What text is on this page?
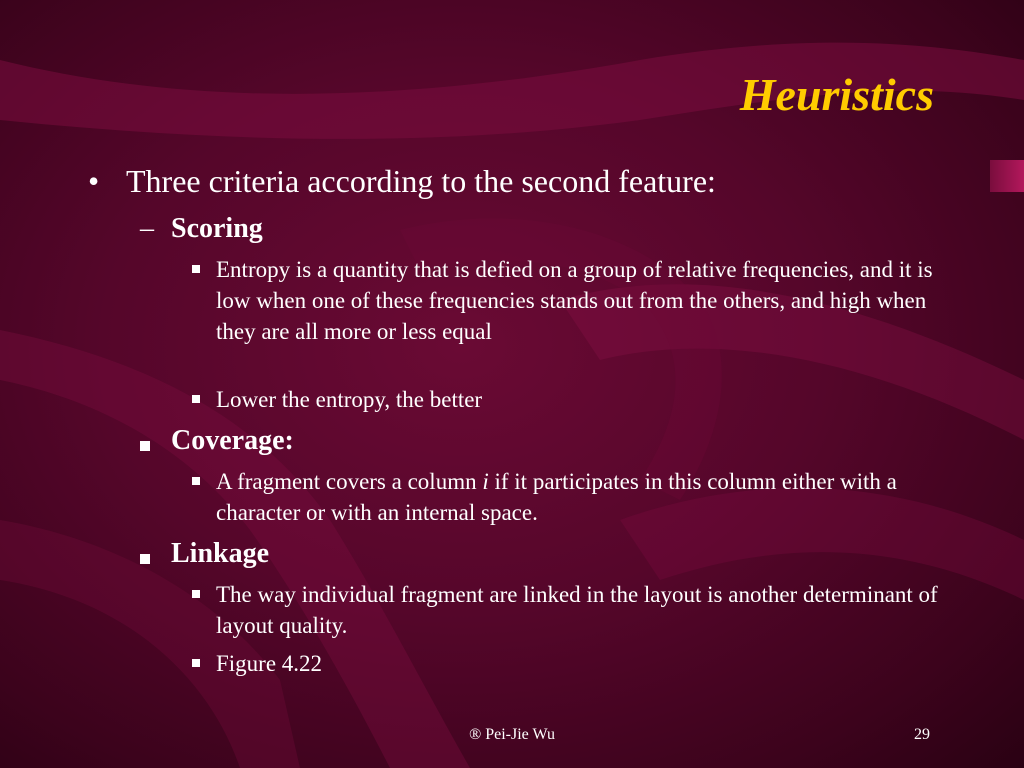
Heuristics
• Three criteria according to the second feature:
– Scoring
Entropy is a quantity that is defied on a group of relative frequencies, and it is low when one of these frequencies stands out from the others, and high when they are all more or less equal
Lower the entropy, the better
Coverage:
A fragment covers a column i if it participates in this column either with a character or with an internal space.
Linkage
The way individual fragment are linked in the layout is another determinant of layout quality.
Figure 4.22
® Pei-Jie Wu	29
